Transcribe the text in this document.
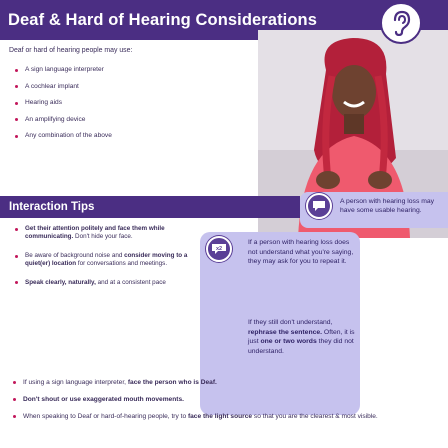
Deaf & Hard of Hearing Considerations
Deaf or hard of hearing people may use:
A sign language interpreter
A cochlear implant
Hearing aids
An amplifying device
Any combination of the above
Interaction Tips	A person with hearing loss may have some usable hearing.
x2
If a person with hearing loss does not understand what you're saying, they may ask for you to repeat it.
If they still don't understand, rephrase the sentence. Often, it is just one or two words they did not understand.
Get their attention politely and face them while communicating. Don't hide your face.
Be aware of background noise and consider moving to a quiet(er) location for conversations and meetings.
Speak clearly, naturally, and at a consistent pace
If using a sign language interpreter, face the person who is Deaf.
Don't shout or use exaggerated mouth movements.
When speaking to Deaf or hard-of-hearing people, try to face the light source so that you are the clearest & most visible.
